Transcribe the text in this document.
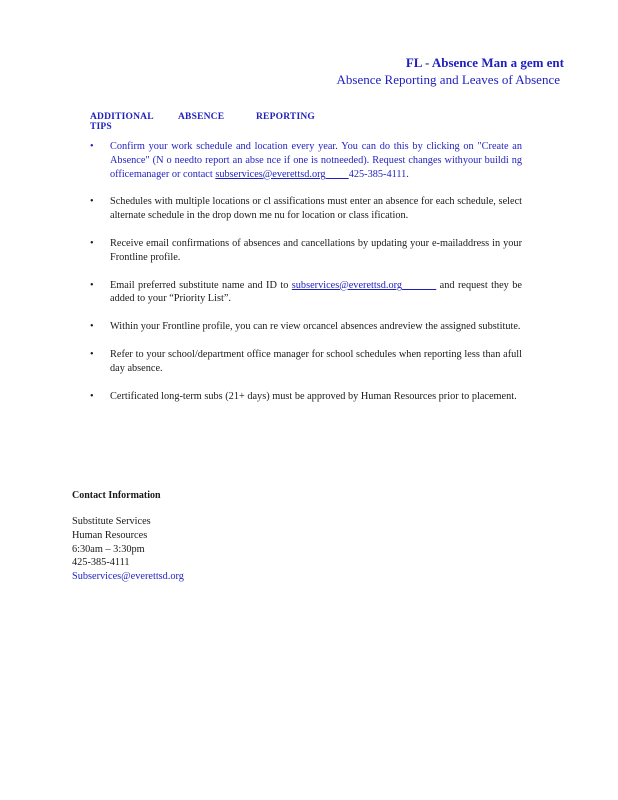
FL - Absence Man a gem ent
Absence Reporting and Leaves of Absence
ADDITIONAL	ABSENCE	REPORTINGTIPS
• Confirm your work schedule and location every year. You can do this by clicking on "Create an Absence" (N o needto report an abse nce if one is notneeded). Request changes withyour buildi ng officemanager or contact subservices@everettsd.org 425-385-4111.
• Schedules with multiple locations or cl assifications must enter an absence for each schedule, select alternate schedule in the drop down me nu for location or class ification.
• Receive email confirmations of absences and cancellations by updating your e-mailaddress in your Frontline profile.
• Email preferred substitute name and ID to subservices@everettsd.org	and request they be added to your “Priority List”.
• Within your Frontline profile, you can re view orcancel absences andreview the assigned substitute.
• Refer to your school/department office manager for school schedules when reporting less than afull day absence.
• Certificated long-term subs (21+ days) must be approved by Human Resources prior to placement.
Contact Information
Substitute Services
Human Resources
6:30am – 3:30pm
425-385-4111
Subservices@everettsd.org
